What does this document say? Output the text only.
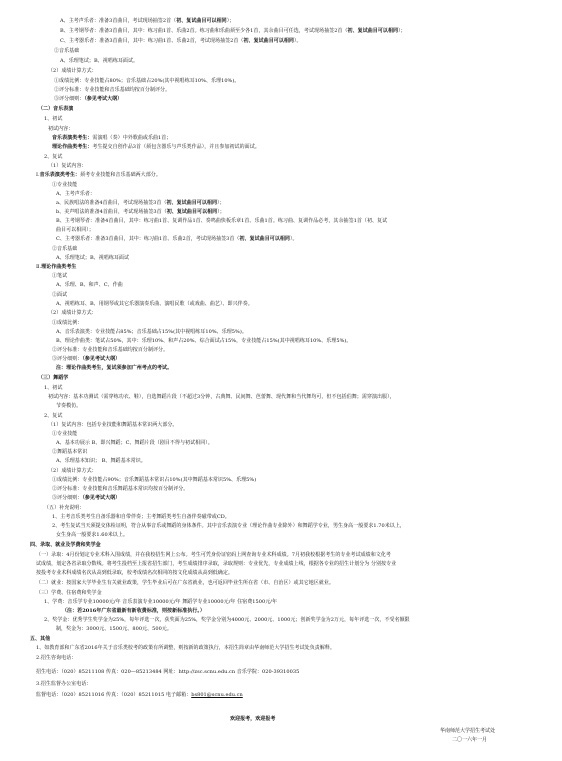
A、主考声乐者：准备3首曲目，考试现场抽签2首（初、复试曲目可以相同）；
B、主考钢琴者：准备3首曲目，其中：练习曲1首、乐曲2首。练习曲和乐曲须至少各1首，其余曲目可任选，考试现场抽签2首（初、复试曲目可以相同）；
C、主考器乐者：准备3首曲目，其中：练习曲1首、乐曲2首，考试现场抽签2首（初、复试曲目可以相同）。
②音乐基础
A、乐理笔试；B、视唱练耳面试。
（2）成绩计算方式：
①成绩比例：专业技能占80%；音乐基础占20%(其中视唱练耳10%、乐理10%)。
②评分标准：专业技能和音乐基础均按百分制评分。
③评分细则：（参见考试大纲）
（二）音乐表演
1、初试
初试内容：
音乐表演类考生：需演唱（奏）中外歌曲或乐曲1首；
理论作曲类考生：考生提交自创作品3首（须包含器乐与声乐类作品），并且参加初试的面试。
2、复试
（1）复试内容：
Ⅰ.音乐表演类考生：须考专业技能和音乐基础两大部分。
①专业技能
A、主考声乐者：
a、民族唱法的准备4首曲目，考试现场抽签3首（初、复试曲目可以相同）；
b、美声唱法的准备4首曲目，考试现场抽签3首（初、复试曲目可以相同）；
B、主考钢琴者：准备4首曲目，其中：练习曲1首、复调作品1首、奏鸣曲快板乐章1首、乐曲1首。练习曲、复调作品必考，其余抽签1首（初、复试
曲目可以相同）；
C、主考器乐者：准备3首曲目，其中：练习曲1首、乐曲2首，考试现场抽签3首（初、复试曲目可以相同）。
②音乐基础
A、乐理笔试；B、视唱练耳面试
Ⅱ.理论作曲类考生
①笔试
A、乐理、B、和声、C、作曲
②面试
A、视唱练耳、B、用钢琴或其它乐器演奏乐曲、演唱民歌（或戏曲、曲艺）、即兴伴奏。
（2）成绩计算方式：
①成绩比例：
A、音乐表演类：专业技能占85%；音乐基础占15%(其中视唱练耳10%、乐理5%)。
B、理论作曲类：笔试占50%，其中：乐理10%、和声占20%、综合面试占15%，专业技能占15%(其中视唱练耳10%、乐理5%)。
②评分标准：专业技能和音乐基础均按百分制评分。
③评分细则：（参见考试大纲）
注：理论作曲类考生，复试须参加广州考点的考试。
（三）舞蹈学
1、初试
初试内容：基本功测试（需穿练功衣、鞋），自选舞蹈片段（不超过3分钟，古典舞、民间舞、芭蕾舞、现代舞和当代舞均可，但不包括伯舞；需穿演出服），
节奏模仿。
2、复试
（1）复试内容：包括专业技能和舞蹈基本常识两大部分。
①专业技能
A、基本功展示 B、即兴舞蹈；C、舞蹈片段（剧目不得与初试相同）。
②舞蹈基本常识
A、乐理基本知识； B、舞蹈基本常识。
（2）成绩计算方式：
①成绩比例：专业技能占90%；音乐舞蹈基本常识占10%(其中舞蹈基本常识5%、乐理5%)
②评分标准：专业技能和音乐舞蹈基本常识均按百分制评分。
③评分细则：（参见考试大纲）
（五）补充说明：
1、主考音乐类考生自备乐器和自带伴奏；主考舞蹈类考生自备伴奏磁带或CD。
2、考生复试当天须提交体检证明，符合从事音乐或舞蹈的身体条件。其中音乐表演专业（理论作曲专业除外）和舞蹈学专业，男生身高一般要求1.70米以上，
女生身高一般要求1.60米以上。
四、录取、就业及学费和奖学金
（一）录取：4月份划定专业术科入围成绩，并在我校招生网上公布。考生可凭身份证密码上网查询专业术科成绩。7月初我校根据考生的专业考试成绩和文化考
试成绩，划定各省录取分数线。将考生投档至上报省招生部门，考生成绩排序录取，录取规则：专业优先，专业成绩上线，根据各专业的招生计划分为 分别按专业
按投考专业术科成绩名次从高到低录取，校考成绩名次相同的按文化成绩从高到低确定。
（二）就业：按国家大学毕业生有关就业政策，学生毕业后可在广东省就业，也可返回毕业生所在省（市、自治区）或其它地区就业。
（三）学费、住宿费和奖学金
1、学费：音乐学专业10000元/年 音乐表演专业10000元/年 舞蹈学专业10000元/年 住宿费1500元/年
（注：若2016年广东省最新有新收费标准，则按新标准执行。）
2、奖学金：优秀学生奖学金为25%，每年评选一次，获奖面为25%，奖学金分别为4000元、2000元、1000元；创新奖学金为2万元，每年评选一次，不受名额限
制，奖金为：3000元、1500元、800元、500元。
五、其他
1、如教育部和广东省2016年关于音乐类校考的政策有所调整，则按新的政策执行，本招生简章由华南师范大学招生考试处负责解释。
2.招生咨询电话：
招生电话：（020）85211108 传真：020—85213484 网址：http://zsc.scnu.edu.cn 音乐学院：020-39310035
3.招生监督办公室电话：
监督电话：（020）85211016 传真：（020）85211015 电子邮箱：bs801@scnu.edu.cn
欢迎报考，欢迎报考
华南师范大学招生考试处
二〇一六年一月
